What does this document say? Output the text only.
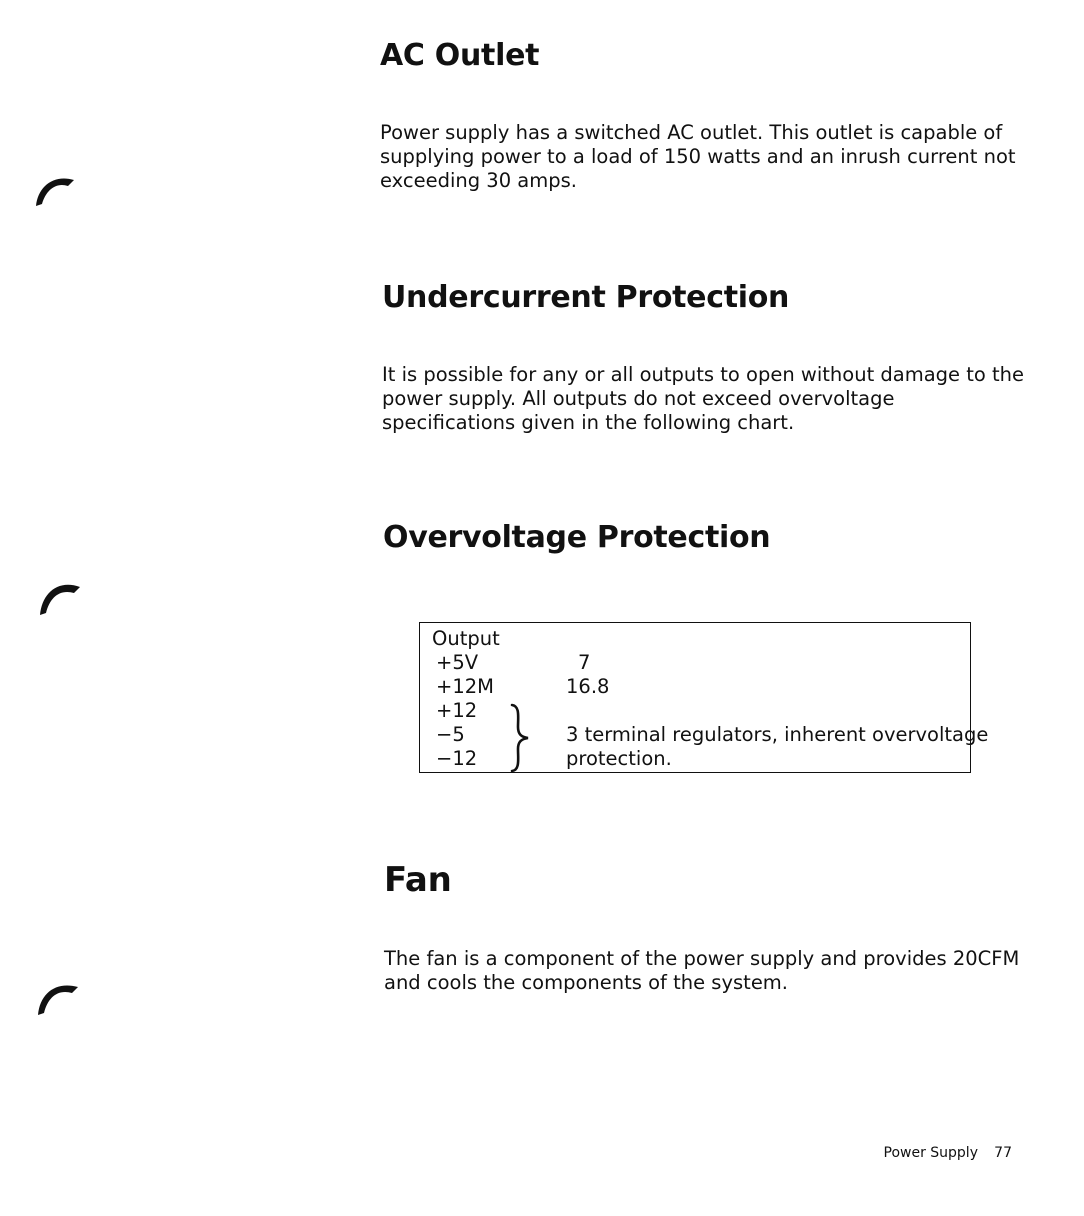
AC Outlet

Power supply has a switched AC outlet. This outlet is capable of
supplying power to a load of 150 watts and an inrush current not
exceeding 30 amps.

Undercurrent Protection

It is possible for any or all outputs to open without damage to the
power supply. All outputs do not exceed overvoltage
specifications given in the following chart.

Overvoltage Protection
Output
+5V	7
+12M	16.8
+12
−5
−12
3 terminal regulators, inherent overvoltage
protection.
Fan

The fan is a component of the power supply and provides 20CFM
and cools the components of the system.

Power Supply 77
